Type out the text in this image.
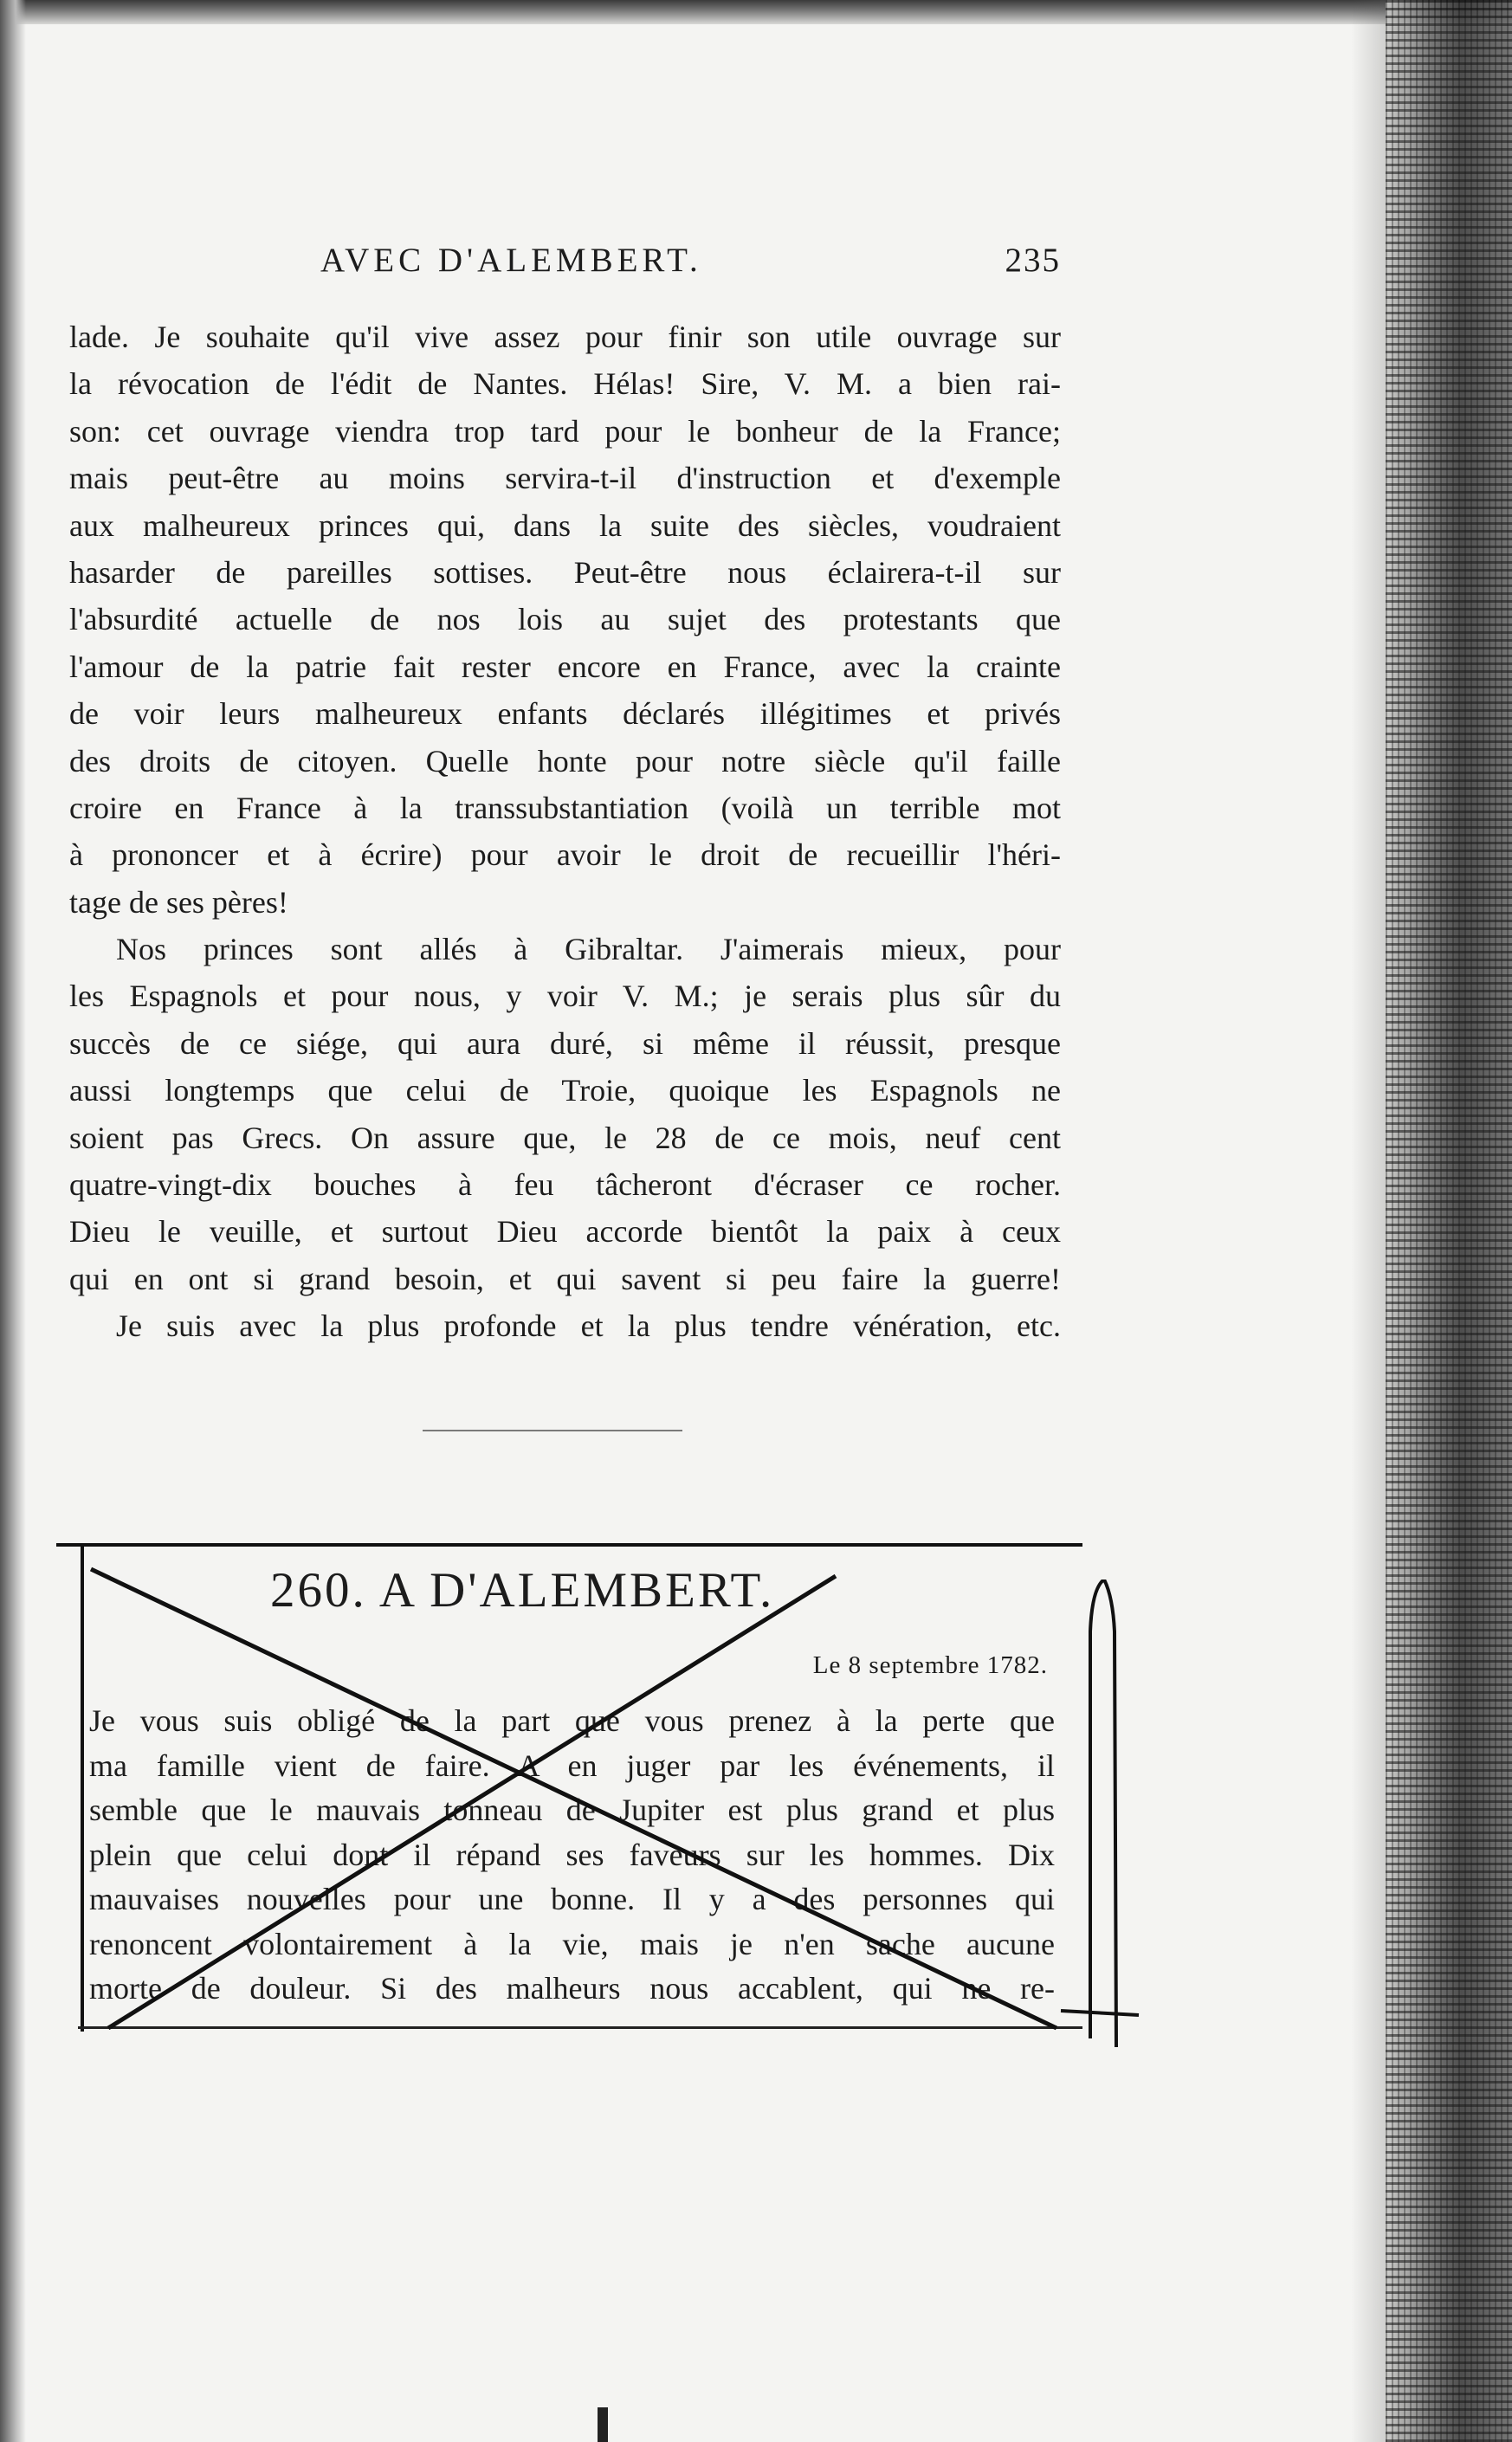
AVEC D'ALEMBERT.	235
lade. Je souhaite qu'il vive assez pour finir son utile ouvrage sur
la révocation de l'édit de Nantes. Hélas! Sire, V. M. a bien rai-
son: cet ouvrage viendra trop tard pour le bonheur de la France;
mais peut-être au moins servira-t-il d'instruction et d'exemple
aux malheureux princes qui, dans la suite des siècles, voudraient
hasarder de pareilles sottises. Peut-être nous éclairera-t-il sur
l'absurdité actuelle de nos lois au sujet des protestants que
l'amour de la patrie fait rester encore en France, avec la crainte
de voir leurs malheureux enfants déclarés illégitimes et privés
des droits de citoyen. Quelle honte pour notre siècle qu'il faille
croire en France à la transsubstantiation (voilà un terrible mot
à prononcer et à écrire) pour avoir le droit de recueillir l'héri-
tage de ses pères!
Nos princes sont allés à Gibraltar. J'aimerais mieux, pour
les Espagnols et pour nous, y voir V. M.; je serais plus sûr du
succès de ce siége, qui aura duré, si même il réussit, presque
aussi longtemps que celui de Troie, quoique les Espagnols ne
soient pas Grecs. On assure que, le 28 de ce mois, neuf cent
quatre-vingt-dix bouches à feu tâcheront d'écraser ce rocher.
Dieu le veuille, et surtout Dieu accorde bientôt la paix à ceux
qui en ont si grand besoin, et qui savent si peu faire la guerre!
Je suis avec la plus profonde et la plus tendre vénération, etc.
260. A D'ALEMBERT.
Le 8 septembre 1782.
Je vous suis obligé de la part que vous prenez à la perte que
ma famille vient de faire. A en juger par les événements, il
semble que le mauvais tonneau de Jupiter est plus grand et plus
plein que celui dont il répand ses faveurs sur les hommes. Dix
mauvaises nouvelles pour une bonne. Il y a des personnes qui
renoncent volontairement à la vie, mais je n'en sache aucune
morte de douleur. Si des malheurs nous accablent, qui ne re-
